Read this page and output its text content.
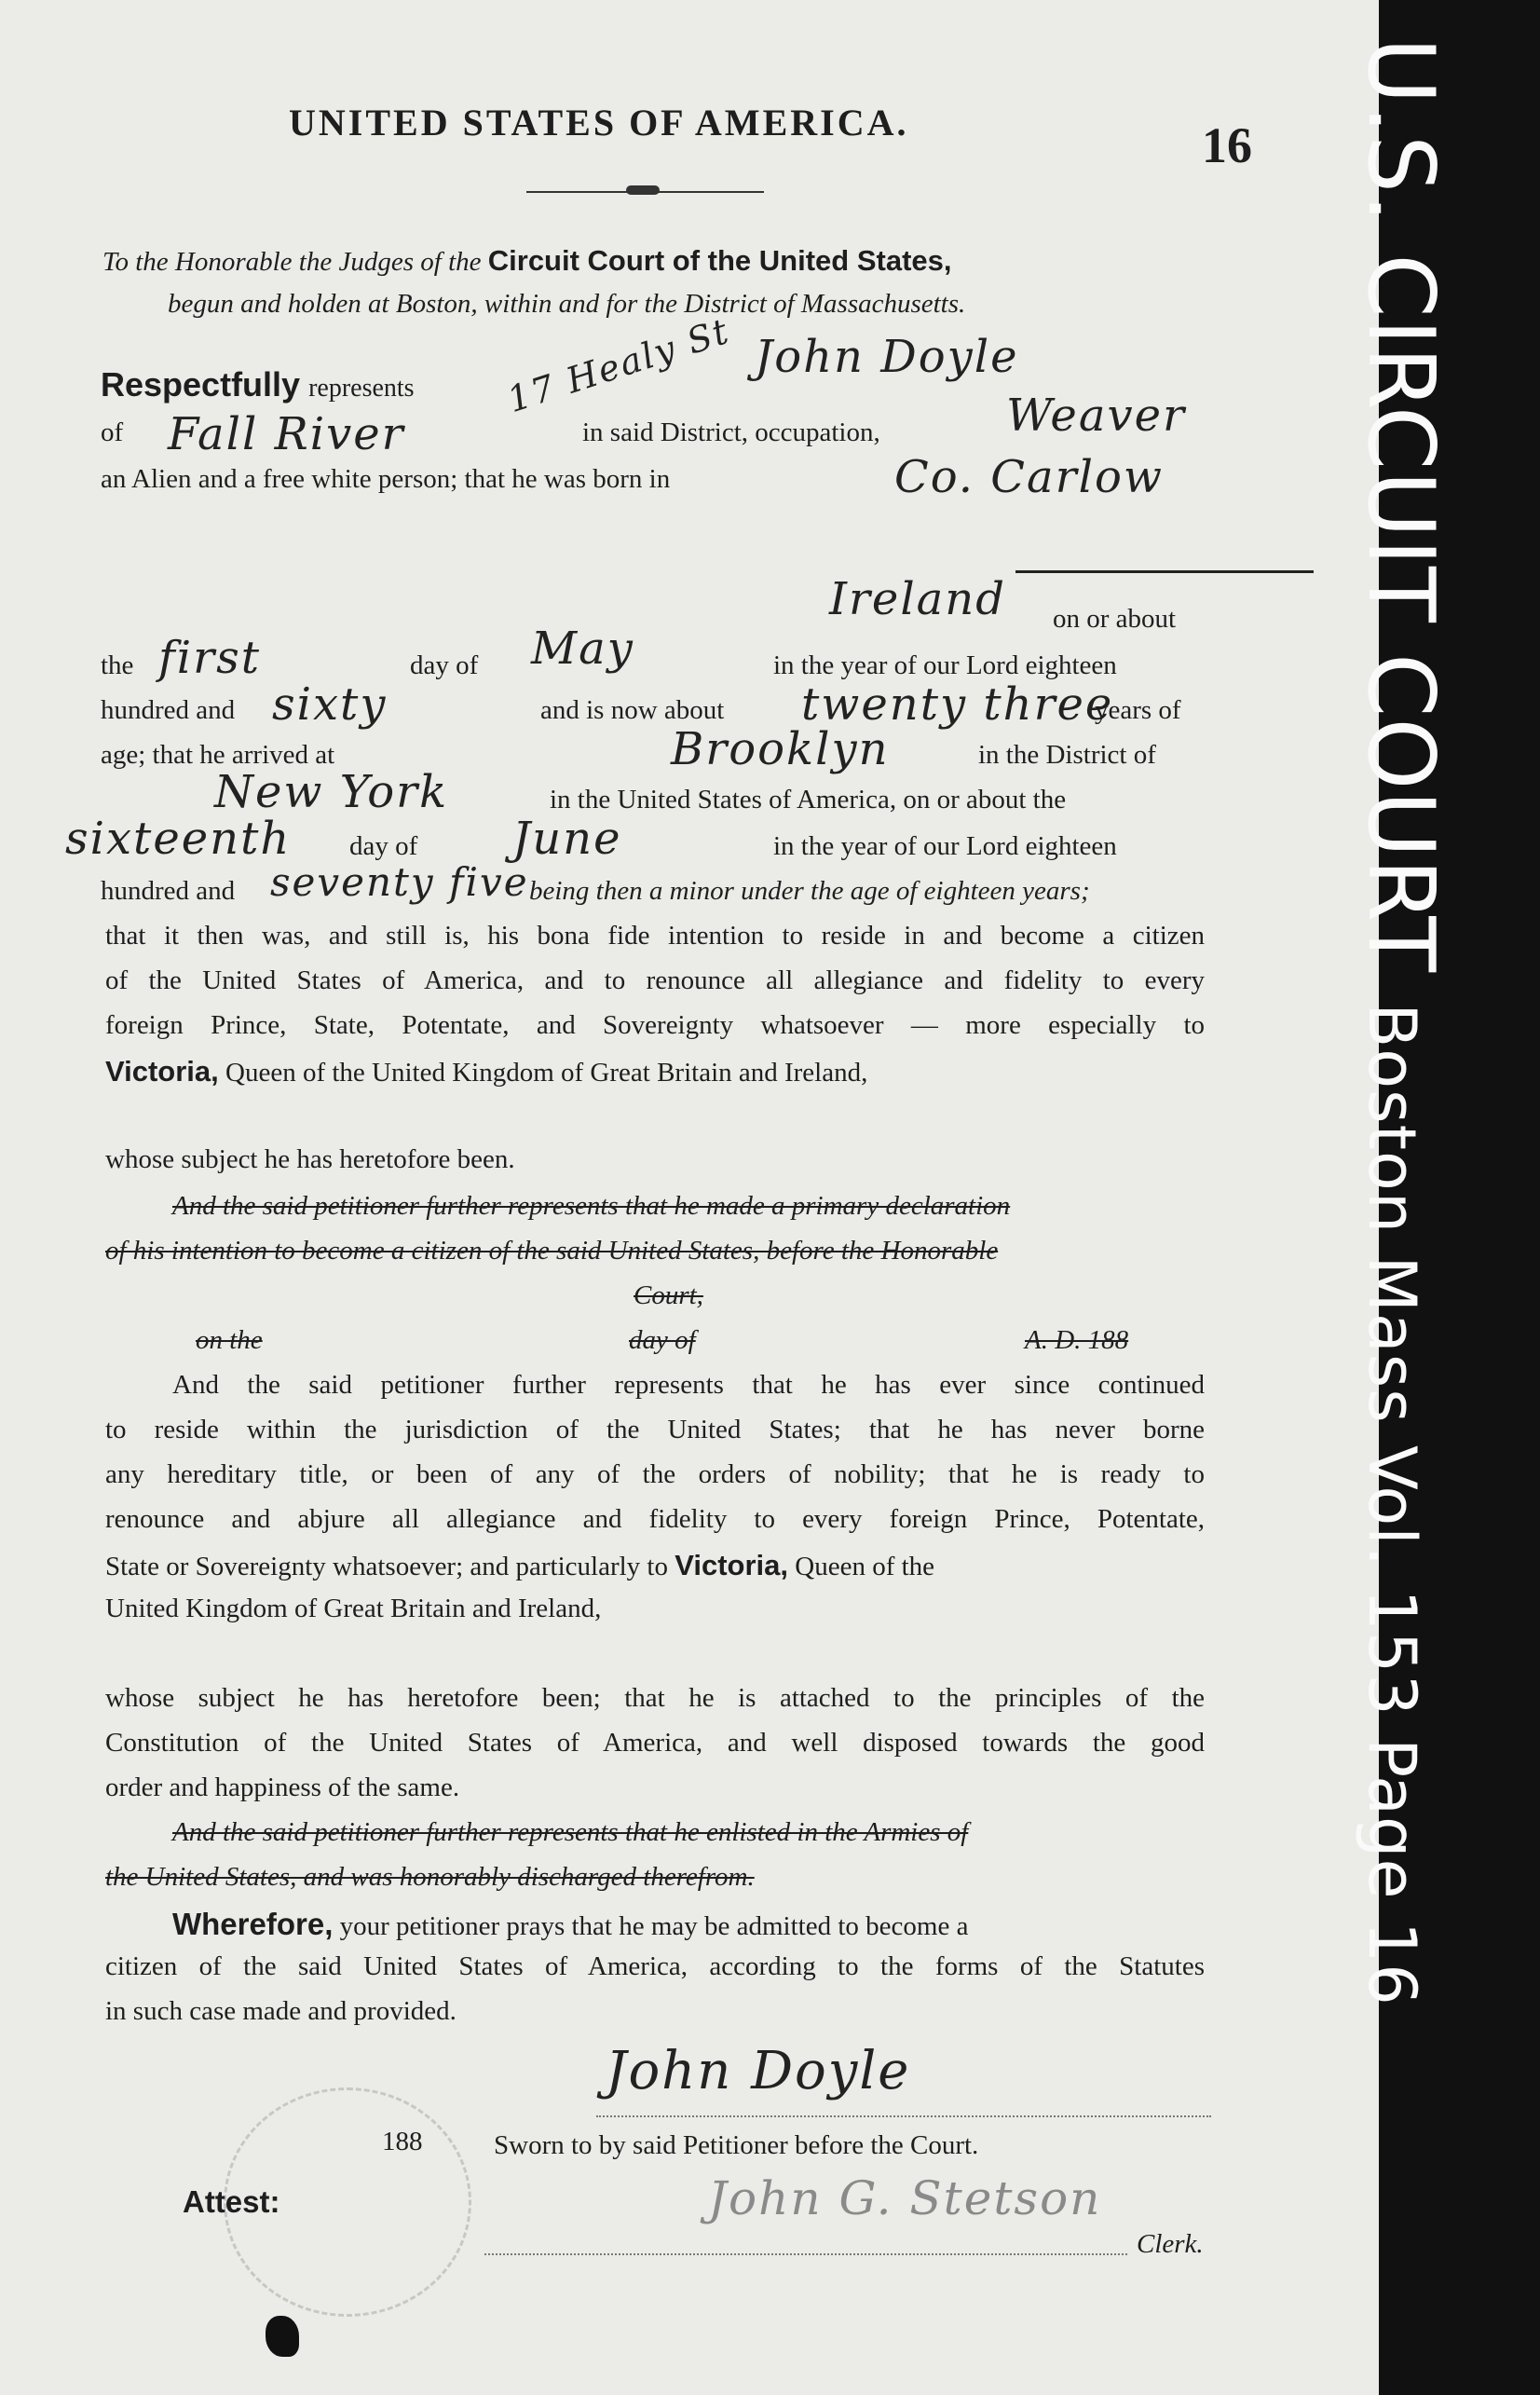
UNITED STATES OF AMERICA.	16
To the Honorable the Judges of the Circuit Court of the United States,
begun and holden at Boston, within and for the District of Massachusetts.
Respectfully represents
John Doyle
17 Healy St
of Fall River	in said District, occupation,	Weaver
an Alien and a free white person; that he was born in	Co. Carlow
Ireland on or about
the first	day of May	in the year of our Lord eighteen
hundred and sixty	and is now about twenty three
years of
age; that he arrived at	Brooklyn	in the District of
New York	in the United States of America, on or about the
sixteenth day of June	in the year of our Lord eighteen
hundred and seventy five being then a minor under the age of eighteen years;
that it then was, and still is, his bona fide intention to reside in and become a citizen
of the United States of America, and to renounce all allegiance and fidelity to every
foreign Prince, State, Potentate, and Sovereignty whatsoever — more especially to
Victoria, Queen of the United Kingdom of Great Britain and Ireland,
whose subject he has heretofore been.
And the said petitioner further represents that he made a primary declaration
of his intention to become a citizen of the said United States, before the Honorable
Court,
on the	day of	A. D. 188
And the said petitioner further represents that he has ever since continued
to reside within the jurisdiction of the United States; that he has never borne
any hereditary title, or been of any of the orders of nobility; that he is ready to
renounce and abjure all allegiance and fidelity to every foreign Prince, Potentate,
State or Sovereignty whatsoever; and particularly to Victoria, Queen of the
United Kingdom of Great Britain and Ireland,
whose subject he has heretofore been; that he is attached to the principles of the
Constitution of the United States of America, and well disposed towards the good
order and happiness of the same.
And the said petitioner further represents that he enlisted in the Armies of
the United States, and was honorably discharged therefrom.
Wherefore, your petitioner prays that he may be admitted to become a
citizen of the said United States of America, according to the forms of the Statutes
in such case made and provided.
John Doyle
188	Sworn to by said Petitioner before the Court.
Attest:	John G. Stetson
Clerk.
U.S. CIRCUIT COURT Boston Mass Vol. 153 Page 16
